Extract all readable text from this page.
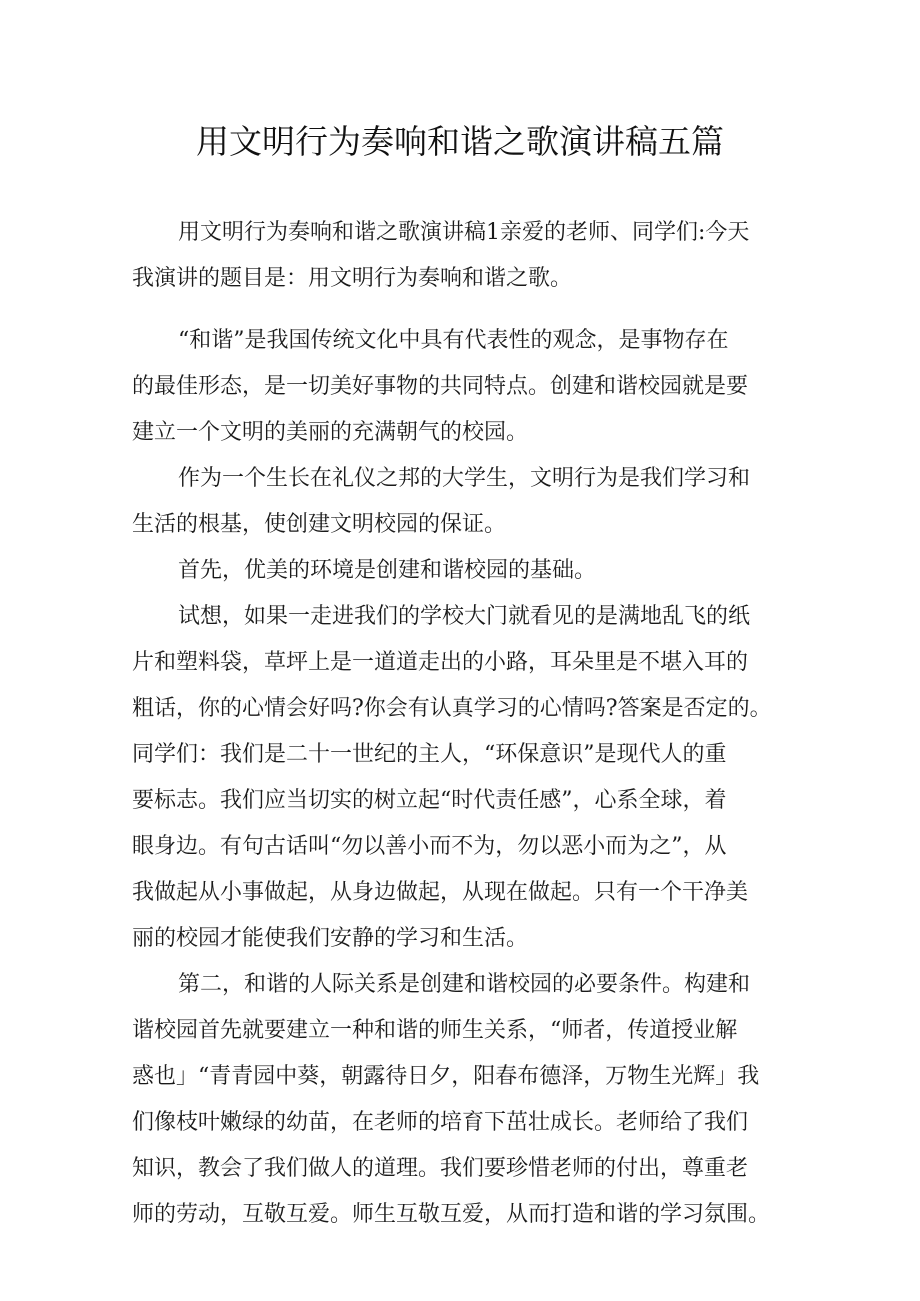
用文明行为奏响和谐之歌演讲稿五篇
用文明行为奏响和谐之歌演讲稿1亲爱的老师、同学们:今天
我演讲的题目是：用文明行为奏响和谐之歌。
“和谐”是我国传统文化中具有代表性的观念，是事物存在
的最佳形态，是一切美好事物的共同特点。创建和谐校园就是要
建立一个文明的美丽的充满朝气的校园。
作为一个生长在礼仪之邦的大学生，文明行为是我们学习和
生活的根基，使创建文明校园的保证。
首先，优美的环境是创建和谐校园的基础。
试想，如果一走进我们的学校大门就看见的是满地乱飞的纸
片和塑料袋，草坪上是一道道走出的小路，耳朵里是不堪入耳的
粗话，你的心情会好吗?你会有认真学习的心情吗?答案是否定的。
同学们：我们是二十一世纪的主人，“环保意识”是现代人的重
要标志。我们应当切实的树立起“时代责任感”，心系全球，着
眼身边。有句古话叫“勿以善小而不为，勿以恶小而为之”，从
我做起从小事做起，从身边做起，从现在做起。只有一个干净美
丽的校园才能使我们安静的学习和生活。
第二，和谐的人际关系是创建和谐校园的必要条件。构建和
谐校园首先就要建立一种和谐的师生关系，“师者，传道授业解
惑也」“青青园中葵，朝露待日夕，阳春布德泽，万物生光辉」我
们像枝叶嫩绿的幼苗，在老师的培育下茁壮成长。老师给了我们
知识，教会了我们做人的道理。我们要珍惜老师的付出，尊重老
师的劳动，互敬互爱。师生互敬互爱，从而打造和谐的学习氛围。
